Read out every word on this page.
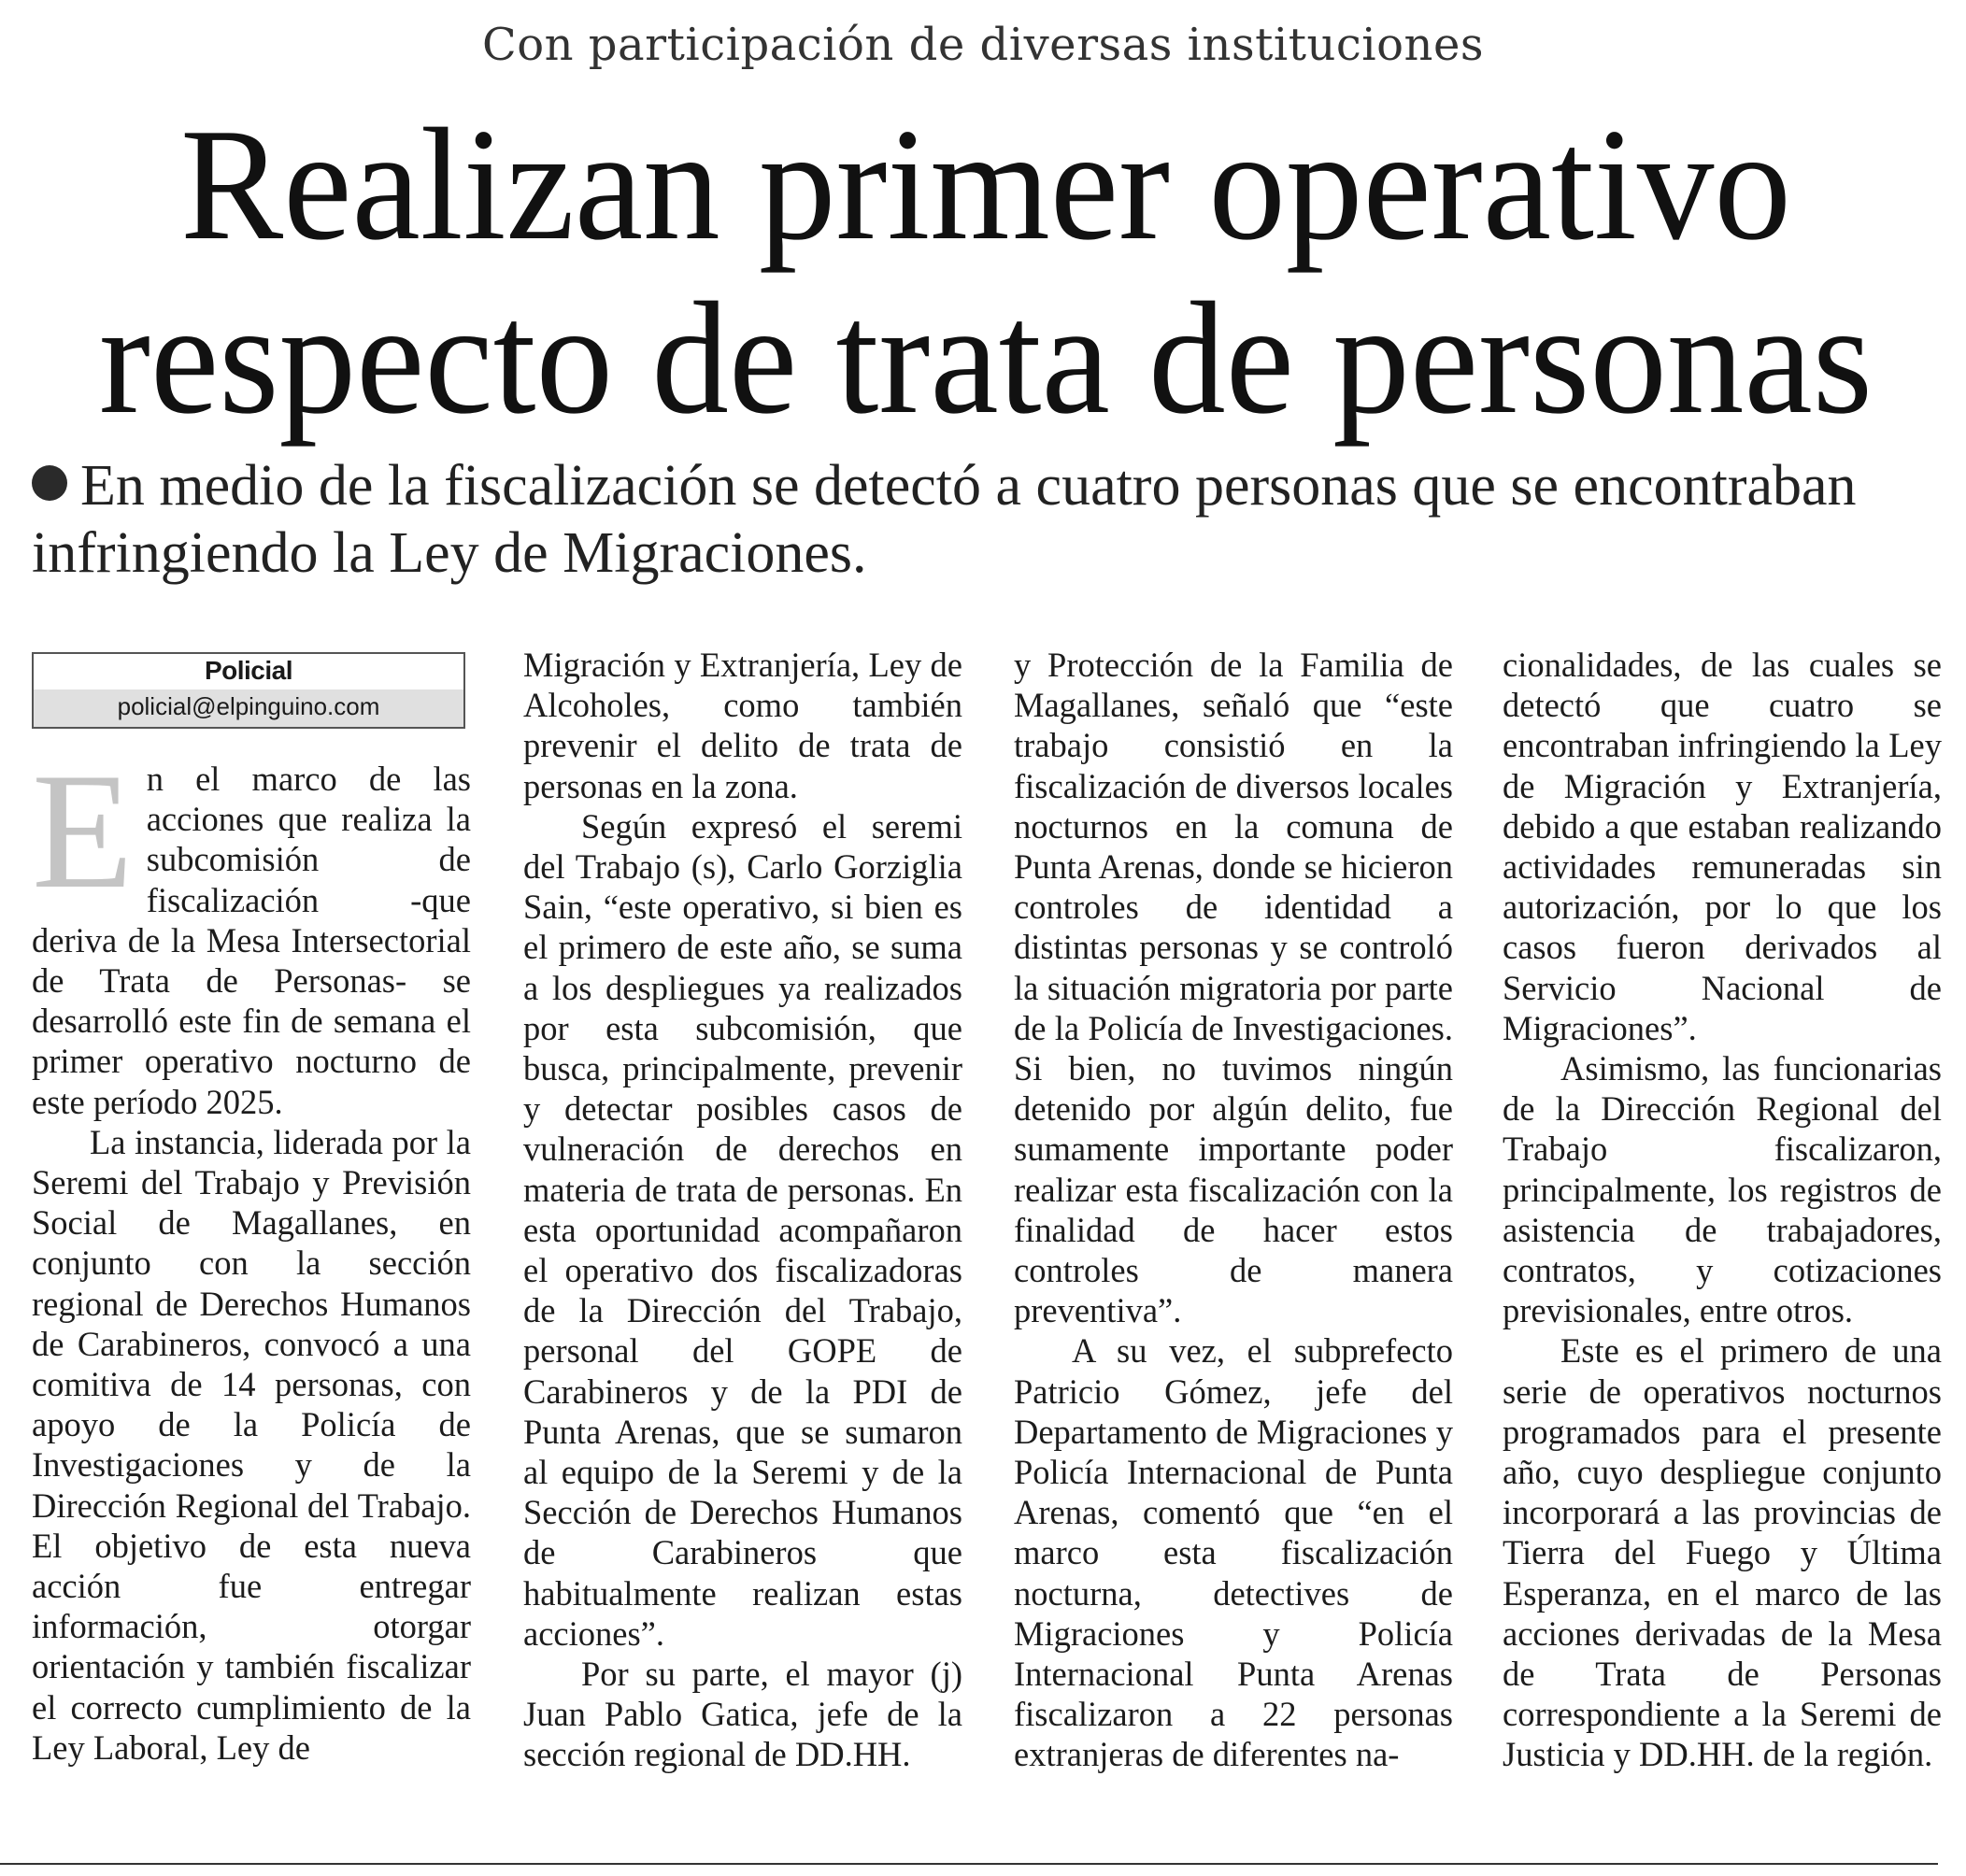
Con participación de diversas instituciones
Realizan primer operativo
respecto de trata de personas
En medio de la fiscalización se detectó a cuatro personas que se encontraban infringiendo la Ley de Migraciones.
Policial
policial@elpinguino.com

En el marco de las acciones que realiza la subcomisión de fiscalización -que deriva de la Mesa Intersectorial de Trata de Personas- se desarrolló este fin de semana el primer operativo nocturno de este período 2025.

La instancia, liderada por la Seremi del Trabajo y Previsión Social de Magallanes, en conjunto con la sección regional de Derechos Humanos de Carabineros, convocó a una comitiva de 14 personas, con apoyo de la Policía de Investigaciones y de la Dirección Regional del Trabajo. El objetivo de esta nueva acción fue entregar información, otorgar orientación y también fiscalizar el correcto cumplimiento de la Ley Laboral, Ley de

Migración y Extranjería, Ley de Alcoholes, como también prevenir el delito de trata de personas en la zona.

Según expresó el seremi del Trabajo (s), Carlo Gorziglia Sain, “este operativo, si bien es el primero de este año, se suma a los despliegues ya realizados por esta subcomisión, que busca, principalmente, prevenir y detectar posibles casos de vulneración de derechos en materia de trata de personas. En esta oportunidad acompañaron el operativo dos fiscalizadoras de la Dirección del Trabajo, personal del GOPE de Carabineros y de la PDI de Punta Arenas, que se sumaron al equipo de la Seremi y de la Sección de Derechos Humanos de Carabineros que habitualmente realizan estas acciones”.

Por su parte, el mayor (j) Juan Pablo Gatica, jefe de la sección regional de DD.HH.

y Protección de la Familia de Magallanes, señaló que “este trabajo consistió en la fiscalización de diversos locales nocturnos en la comuna de Punta Arenas, donde se hicieron controles de identidad a distintas personas y se controló la situación migratoria por parte de la Policía de Investigaciones. Si bien, no tuvimos ningún detenido por algún delito, fue sumamente importante poder realizar esta fiscalización con la finalidad de hacer estos controles de manera preventiva”.

A su vez, el subprefecto Patricio Gómez, jefe del Departamento de Migraciones y Policía Internacional de Punta Arenas, comentó que “en el marco esta fiscalización nocturna, detectives de Migraciones y Policía Internacional Punta Arenas fiscalizaron a 22 personas extranjeras de diferentes na-

cionalidades, de las cuales se detectó que cuatro se encontraban infringiendo la Ley de Migración y Extranjería, debido a que estaban realizando actividades remuneradas sin autorización, por lo que los casos fueron derivados al Servicio Nacional de Migraciones”.

Asimismo, las funcionarias de la Dirección Regional del Trabajo fiscalizaron, principalmente, los registros de asistencia de trabajadores, contratos, y cotizaciones previsionales, entre otros.

Este es el primero de una serie de operativos nocturnos programados para el presente año, cuyo despliegue conjunto incorporará a las provincias de Tierra del Fuego y Última Esperanza, en el marco de las acciones derivadas de la Mesa de Trata de Personas correspondiente a la Seremi de Justicia y DD.HH. de la región.
